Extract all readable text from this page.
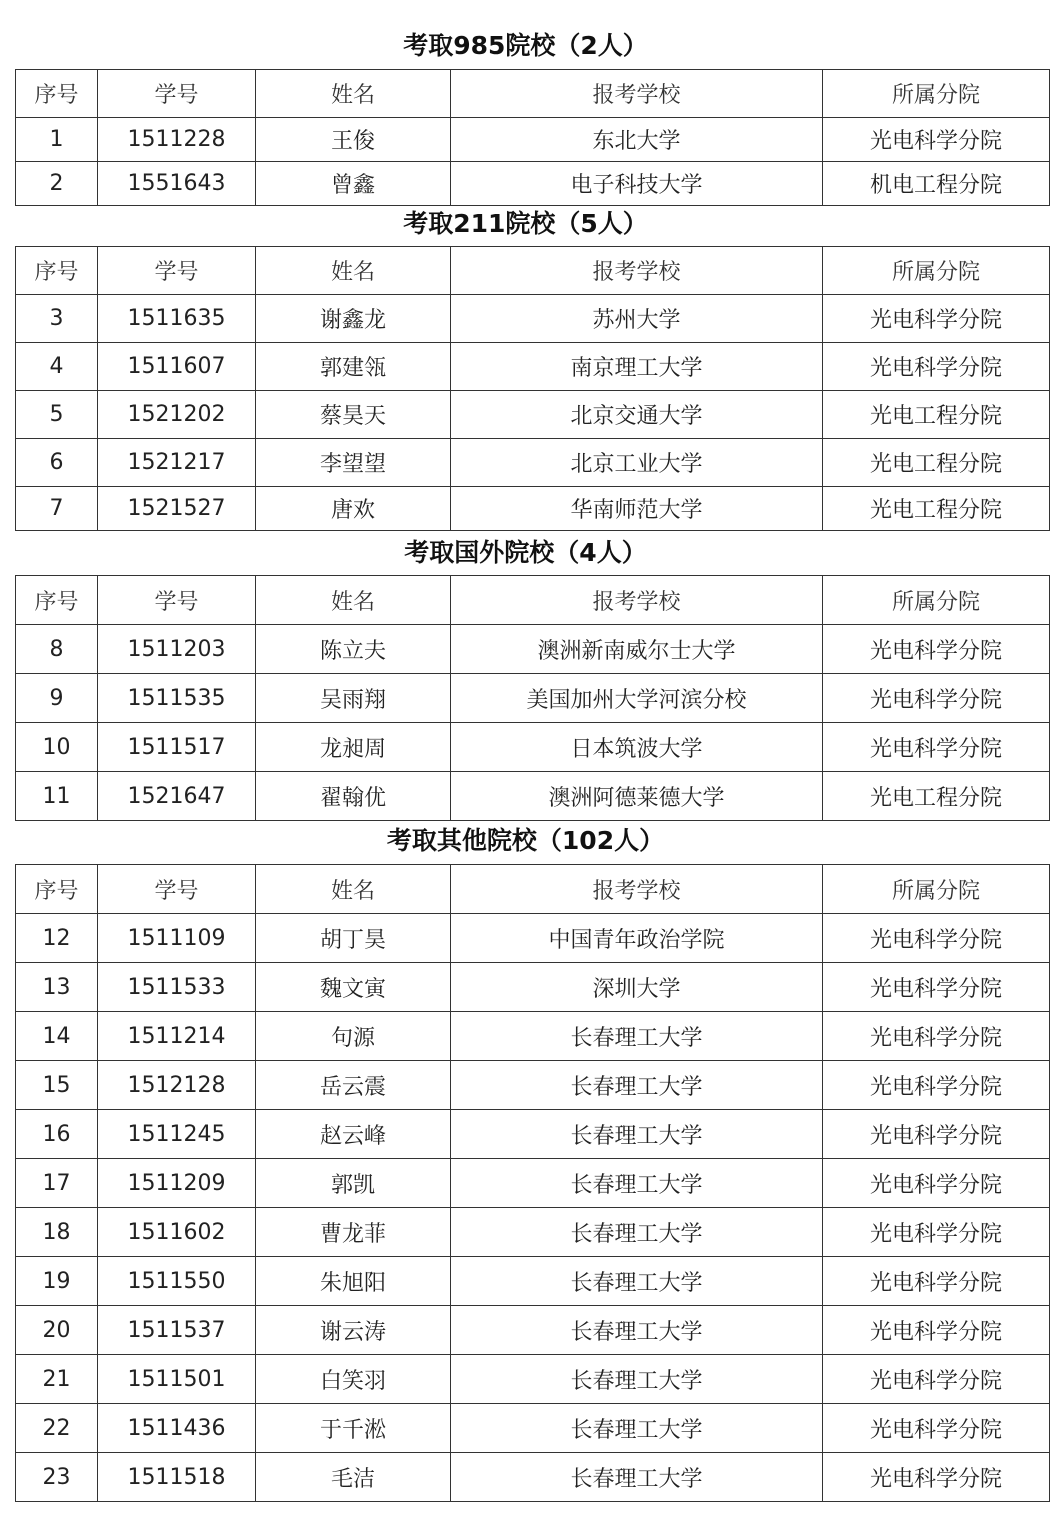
考取985院校（2人）
序号	学号	姓名	报考学校	所属分院
1	1511228	王俊	东北大学	光电科学分院
2	1551643	曾鑫	电子科技大学	机电工程分院
考取211院校（5人）
序号	学号	姓名	报考学校	所属分院
3	1511635	谢鑫龙	苏州大学	光电科学分院
4	1511607	郭建瓴	南京理工大学	光电科学分院
5	1521202	蔡昊天	北京交通大学	光电工程分院
6	1521217	李望望	北京工业大学	光电工程分院
7	1521527	唐欢	华南师范大学	光电工程分院
考取国外院校（4人）
序号	学号	姓名	报考学校	所属分院
8	1511203	陈立夫	澳洲新南威尔士大学	光电科学分院
9	1511535	吴雨翔	美国加州大学河滨分校	光电科学分院
10	1511517	龙昶周	日本筑波大学	光电科学分院
11	1521647	翟翰优	澳洲阿德莱德大学	光电工程分院
考取其他院校（102人）
序号	学号	姓名	报考学校	所属分院
12	1511109	胡丁昊	中国青年政治学院	光电科学分院
13	1511533	魏文寅	深圳大学	光电科学分院
14	1511214	句源	长春理工大学	光电科学分院
15	1512128	岳云震	长春理工大学	光电科学分院
16	1511245	赵云峰	长春理工大学	光电科学分院
17	1511209	郭凯	长春理工大学	光电科学分院
18	1511602	曹龙菲	长春理工大学	光电科学分院
19	1511550	朱旭阳	长春理工大学	光电科学分院
20	1511537	谢云涛	长春理工大学	光电科学分院
21	1511501	白笑羽	长春理工大学	光电科学分院
22	1511436	于千淞	长春理工大学	光电科学分院
23	1511518	毛洁	长春理工大学	光电科学分院
